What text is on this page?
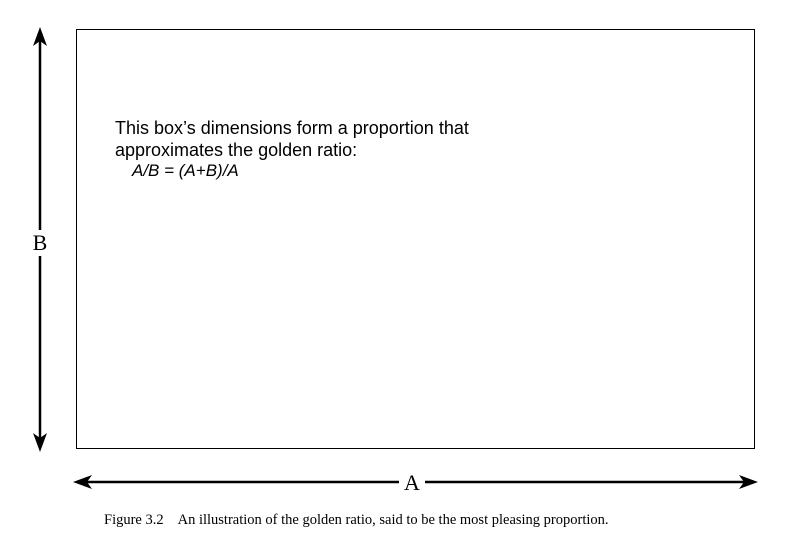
This box’s dimensions form a proportion that
approximates the golden ratio:
A/B = (A+B)/A
B
A
Figure 3.2 An illustration of the golden ratio, said to be the most pleasing proportion.
